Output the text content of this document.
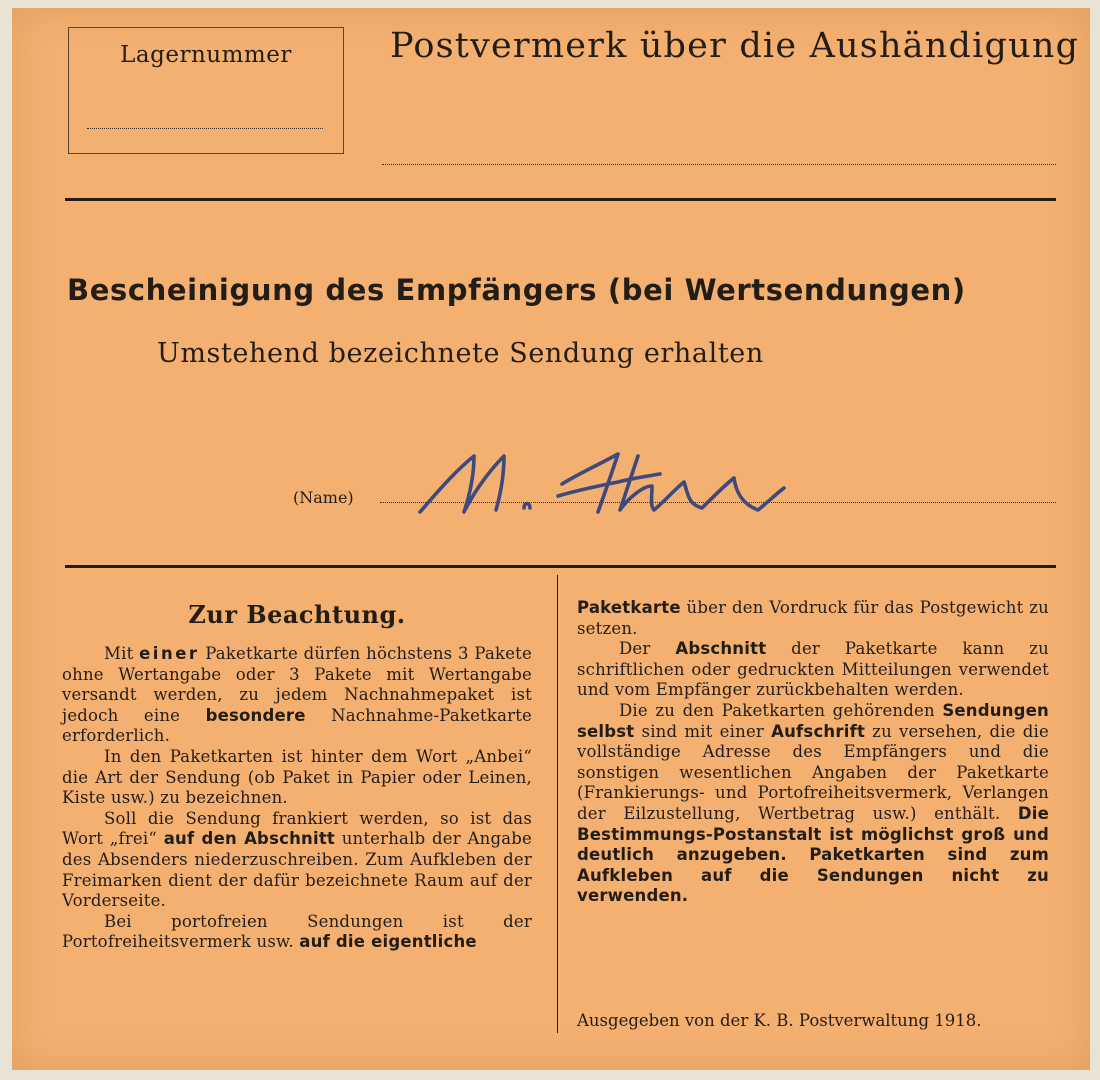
Lagernummer	Postvermerk über die Aushändigung
Bescheinigung des Empfängers (bei Wertsendungen)
Umstehend bezeichnete Sendung erhalten
(Name)
Zur Beachtung.

Mit einer Paketkarte dürfen höchstens 3 Pakete ohne Wertangabe oder 3 Pakete mit Wertangabe versandt werden, zu jedem Nachnahmepaket ist jedoch eine besondere Nachnahme-Paketkarte erforderlich.

In den Paketkarten ist hinter dem Wort „Anbei“ die Art der Sendung (ob Paket in Papier oder Leinen, Kiste usw.) zu bezeichnen.

Soll die Sendung frankiert werden, so ist das Wort „frei“ auf den Abschnitt unterhalb der Angabe des Absenders niederzuschreiben. Zum Aufkleben der Freimarken dient der dafür bezeichnete Raum auf der Vorderseite.

Bei portofreien Sendungen ist der Portofreiheitsvermerk usw. auf die eigentliche

Paketkarte über den Vordruck für das Postgewicht zu setzen.

Der Abschnitt der Paketkarte kann zu schriftlichen oder gedruckten Mitteilungen verwendet und vom Empfänger zurückbehalten werden.

Die zu den Paketkarten gehörenden Sendungen selbst sind mit einer Aufschrift zu versehen, die die vollständige Adresse des Empfängers und die sonstigen wesentlichen Angaben der Paketkarte (Frankierungs- und Portofreiheitsvermerk, Verlangen der Eilzustellung, Wertbetrag usw.) enthält. Die Bestimmungs-Postanstalt ist möglichst groß und deutlich anzugeben. Paketkarten sind zum Aufkleben auf die Sendungen nicht zu verwenden.

Ausgegeben von der K. B. Postverwaltung 1918.
